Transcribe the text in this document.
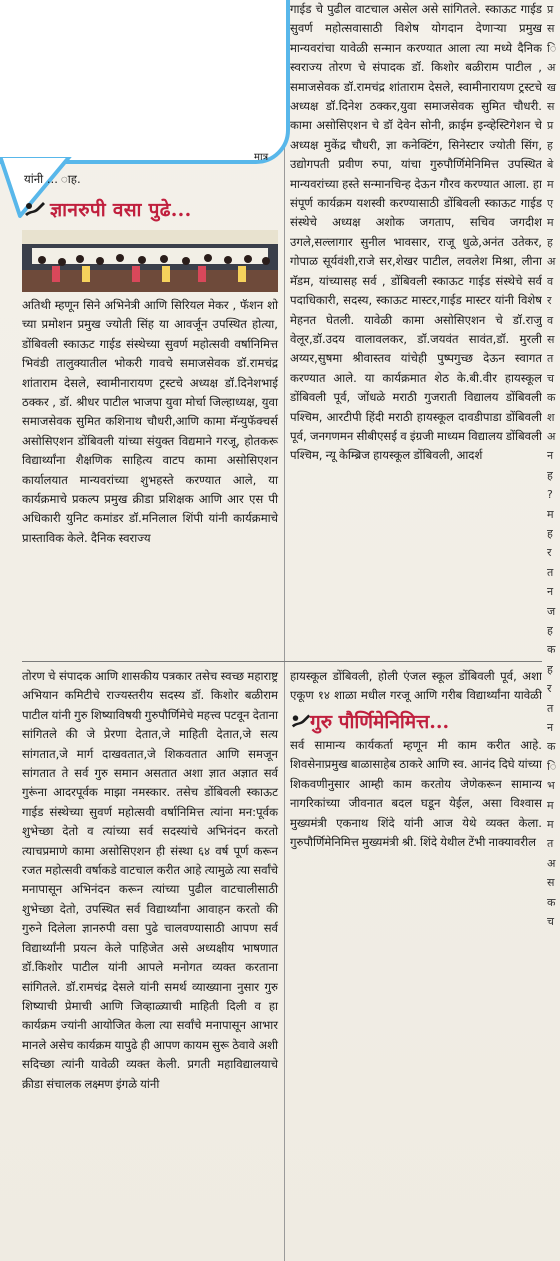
मात्र
यांनी ... ाह.
ज्ञानरुपी वसा पुढे...

अतिथी म्हणून सिने अभिनेत्री आणि सिरियल मेकर , फॅशन शो च्या प्रमोशन प्रमुख ज्योती सिंह या आवर्जून उपस्थित होत्या, डोंबिवली स्काऊट गाईड संस्थेच्या सुवर्ण महोत्सवी वर्षानिमित्त भिवंडी तालुक्यातील भोकरी गावचे समाजसेवक डॉ.रामचंद्र शांताराम देसले, स्वामीनारायण ट्रस्टचे अध्यक्ष डॉ.दिनेशभाई ठक्कर , डॉ. श्रीधर पाटील भाजपा युवा मोर्चा जिल्हाध्यक्ष, युवा समाजसेवक सुमित कशिनाथ चौधरी,आणि कामा मॅन्युफॅक्चर्स असोसिएशन डोंबिवली यांच्या संयुक्त विद्यमाने गरजू, होतकरू विद्यार्थ्यांना शैक्षणिक साहित्य वाटप कामा असोसिएशन कार्यालयात मान्यवरांच्या शुभहस्ते करण्यात आले, या कार्यक्रमाचे प्रकल्प प्रमुख क्रीडा प्रशिक्षक आणि आर एस पी अधिकारी युनिट कमांडर डॉ.मनिलाल शिंपी यांनी कार्यक्रमाचे प्रास्ताविक केले. दैनिक स्वराज्य

तोरण चे संपादक आणि शासकीय पत्रकार तसेच स्वच्छ महाराष्ट्र अभियान कमिटीचे राज्यस्तरीय सदस्य डॉ. किशोर बळीराम पाटील यांनी गुरु शिष्याविषयी गुरुपौर्णिमेचे महत्त्व पटवून देताना सांगितले की जे प्रेरणा देतात,जे माहिती देतात,जे सत्य सांगतात,जे मार्ग दाखवतात,जे शिकवतात आणि समजून सांगतात ते सर्व गुरु समान असतात अशा ज्ञात अज्ञात सर्व गुरूंना आदरपूर्वक माझा नमस्कार. तसेच डोंबिवली स्काऊट गाईड संस्थेच्या सुवर्ण महोत्सवी वर्षानिमित्त त्यांना मन:पूर्वक शुभेच्छा देतो व त्यांच्या सर्व सदस्यांचे अभिनंदन करतो त्याचप्रमाणे कामा असोसिएशन ही संस्था ६४ वर्ष पूर्ण करून रजत महोत्सवी वर्षाकडे वाटचाल करीत आहे त्यामुळे त्या सर्वांचे मनापासून अभिनंदन करून त्यांच्या पुढील वाटचालीसाठी शुभेच्छा देतो, उपस्थित सर्व विद्यार्थ्यांना आवाहन करतो की गुरुने दिलेला ज्ञानरुपी वसा पुढे चालवण्यासाठी आपण सर्व विद्यार्थ्यांनी प्रयत्न केले पाहिजेत असे अध्यक्षीय भाषणात डॉ.किशोर पाटील यांनी आपले मनोगत व्यक्त करताना सांगितले. डॉ.रामचंद्र देसले यांनी समर्थ व्याख्याना नुसार गुरु शिष्याची प्रेमाची आणि जिव्हाळ्याची माहिती दिली व हा कार्यक्रम ज्यांनी आयोजित केला त्या सर्वांचे मनापासून आभार मानले असेच कार्यक्रम यापुढे ही आपण कायम सुरू ठेवावे अशी सदिच्छा त्यांनी यावेळी व्यक्त केली. प्रगती महाविद्यालयाचे क्रीडा संचालक लक्ष्मण इंगळे यांनी

गाईड चे पुढील वाटचाल असेल असे सांगितले. स्काऊट गाईड सुवर्ण महोत्सवासाठी विशेष योगदान देणाऱ्या प्रमुख मान्यवरांचा यावेळी सन्मान करण्यात आला त्या मध्ये दैनिक स्वराज्य तोरण चे संपादक डॉ. किशोर बळीराम पाटील , समाजसेवक डॉ.रामचंद्र शांताराम देसले, स्वामीनारायण ट्रस्टचे अध्यक्ष डॉ.दिनेश ठक्कर,युवा समाजसेवक सुमित चौधरी. कामा असोसिएशन चे डॉ देवेन सोनी, क्राईम इन्व्हेस्टिगेशन चे अध्यक्ष मुकेंद्र चौधरी, ज्ञा कनेक्टिंग, सिनेस्टार ज्योती सिंग, उद्योगपती प्रवीण रुपा, यांचा गुरुपौर्णिमेनिमित्त उपस्थित मान्यवरांच्या हस्ते सन्मानचिन्ह देऊन गौरव करण्यात आला. हा संपूर्ण कार्यक्रम यशस्वी करण्यासाठी डोंबिवली स्काऊट गाईड संस्थेचे अध्यक्ष अशोक जगताप, सचिव जगदीश उगले,सल्लागार सुनील भावसार, राजू धुळे,अनंत उतेकर, गोपाळ सूर्यवंशी,राजे सर,शेखर पाटील, लवलेश मिश्रा, लीना मॅडम, यांच्यासह सर्व , डोंबिवली स्काऊट गाईड संस्थेचे सर्व पदाधिकारी, सदस्य, स्काऊट मास्टर,गाईड मास्टर यांनी विशेष मेहनत घेतली. यावेळी कामा असोसिएशन चे डॉ.राजु वेलूर,डॉ.उदय वालावलकर, डॉ.जयवंत सावंत,डॉ. मुरली अय्यर,सुषमा श्रीवास्तव यांचेही पुष्पगुच्छ देऊन स्वागत करण्यात आले. या कार्यक्रमात शेठ के.बी.वीर हायस्कूल डोंबिवली पूर्व, जोंधळे मराठी गुजराती विद्यालय डोंबिवली पश्चिम, आरटीपी हिंदी मराठी हायस्कूल दावडीपाडा डोंबिवली पूर्व, जनगणमन सीबीएसई व इंग्रजी माध्यम विद्यालय डोंबिवली पश्चिम, न्यू केम्ब्रिज हायस्कूल डोंबिवली, आदर्श

हायस्कूल डोंबिवली, होली एंजल स्कूल डोंबिवली पूर्व, अशा एकूण १४ शाळा मधील गरजू आणि गरीब विद्यार्थ्यांना यावेळी

गुरु पौर्णिमेनिमित्त...

सर्व सामान्य कार्यकर्ता म्हणून मी काम करीत आहे. शिवसेनाप्रमुख बाळासाहेब ठाकरे आणि स्व. आनंद दिघे यांच्या शिकवणीनुसार आम्ही काम करतोय जेणेकरून सामान्य नागरिकांच्या जीवनात बदल घडून येईल, असा विश्वास मुख्यमंत्री एकनाथ शिंदे यांनी आज येथे व्यक्त केला. गुरुपौर्णिमेनिमित्त मुख्यमंत्री श्री. शिंदे येथील टेंभी नाक्यावरील

प्र स ि अ ख स प्र ह बे म ए म ह अ व र व स त च क श अ न ह ? म ह र त न ज ह क ह र त न क ि भ म म त अ स क च
